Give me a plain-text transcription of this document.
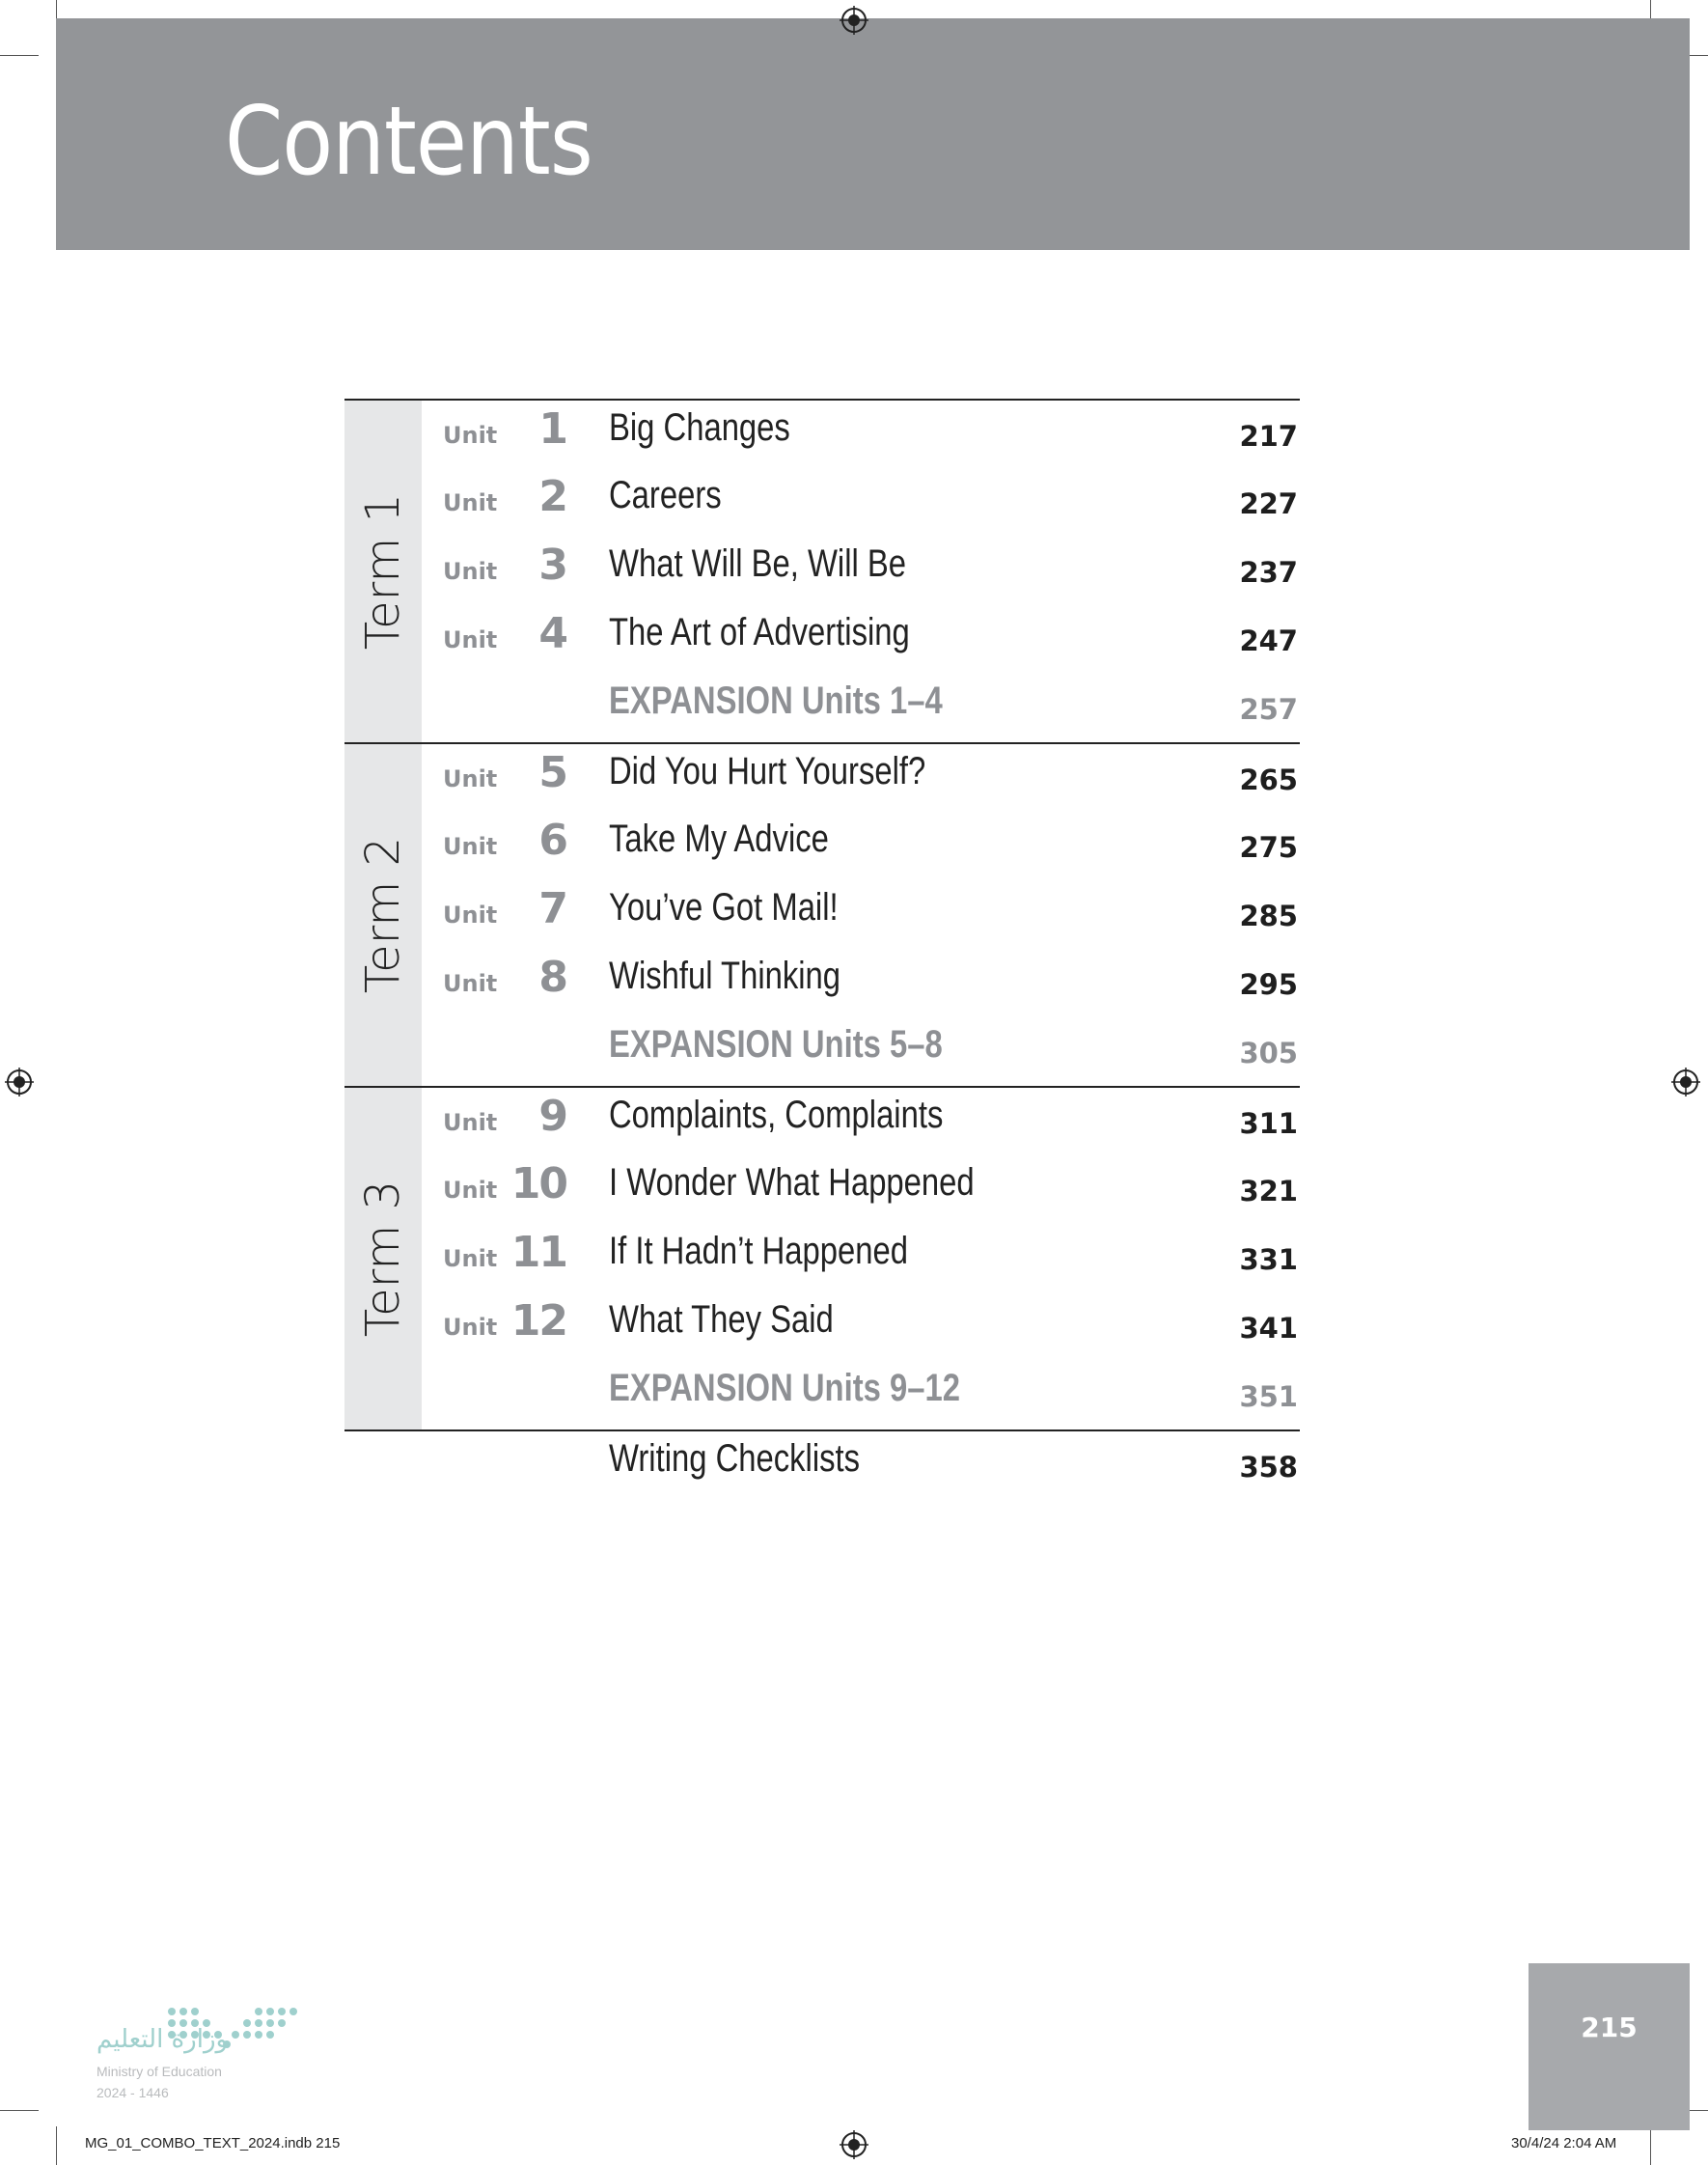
Contents
Term 1
Unit 1 Big Changes	217
Unit 2 Careers	227
Unit 3 What Will Be, Will Be	237
Unit 4 The Art of Advertising	247
EXPANSION Units 1–4	257
Term 2
Unit 5 Did You Hurt Yourself?	265
Unit 6 Take My Advice	275
Unit 7 You’ve Got Mail!	285
Unit 8 Wishful Thinking	295
EXPANSION Units 5–8	305
Term 3
Unit 9 Complaints, Complaints	311
Unit 10 I Wonder What Happened	321
Unit 11 If It Hadn’t Happened	331
Unit 12 What They Said	341
EXPANSION Units 9–12	351
Writing Checklists	358
وزارة التعليم
Ministry of Education
2024 - 1446
215
MG_01_COMBO_TEXT_2024.indb 215	30/4/24 2:04 AM
